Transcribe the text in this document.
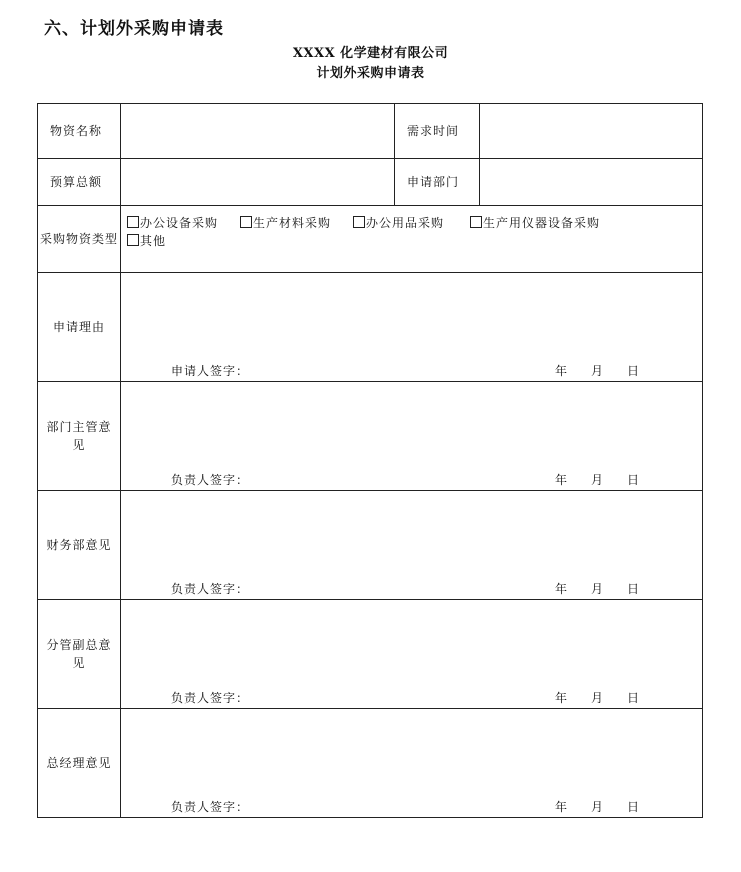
六、计划外采购申请表
XXXX 化学建材有限公司
计划外采购申请表
物资名称		需求时间	
预算总额		申请部门	
采购物资类型	办公设备采购 生产材料采购 办公用品采购 生产用仪器设备采购
其他		
申请理由	申请人签字： 年 月 日		

部门主管意见	负责人签字： 年 月 日		

财务部意见	负责人签字： 年 月 日		

分管副总意见	负责人签字： 年 月 日		

总经理意见	负责人签字： 年 月 日		
